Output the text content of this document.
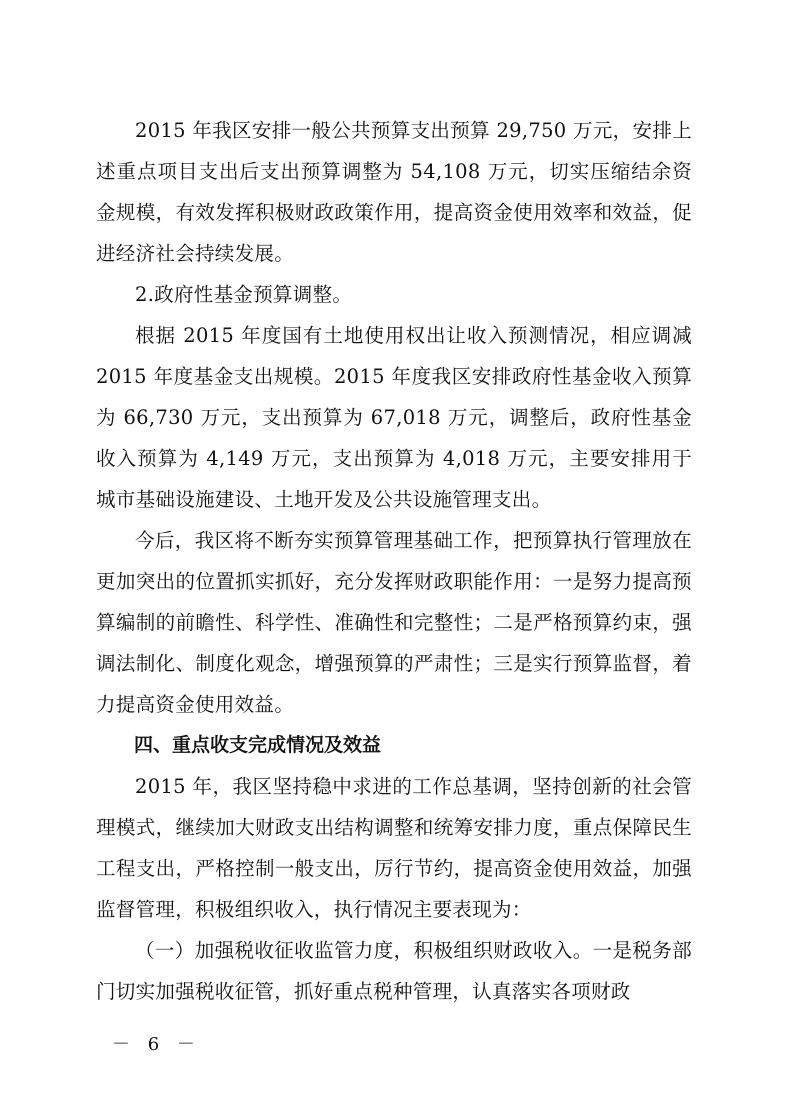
2015 年我区安排一般公共预算支出预算 29,750 万元，安排上述重点项目支出后支出预算调整为 54,108 万元，切实压缩结余资金规模，有效发挥积极财政政策作用，提高资金使用效率和效益，促进经济社会持续发展。

2.政府性基金预算调整。

根据 2015 年度国有土地使用权出让收入预测情况，相应调减 2015 年度基金支出规模。2015 年度我区安排政府性基金收入预算为 66,730 万元，支出预算为 67,018 万元，调整后，政府性基金收入预算为 4,149 万元，支出预算为 4,018 万元，主要安排用于城市基础设施建设、土地开发及公共设施管理支出。

今后，我区将不断夯实预算管理基础工作，把预算执行管理放在更加突出的位置抓实抓好，充分发挥财政职能作用：一是努力提高预算编制的前瞻性、科学性、准确性和完整性；二是严格预算约束，强调法制化、制度化观念，增强预算的严肃性；三是实行预算监督，着力提高资金使用效益。

四、重点收支完成情况及效益

2015 年，我区坚持稳中求进的工作总基调，坚持创新的社会管理模式，继续加大财政支出结构调整和统筹安排力度，重点保障民生工程支出，严格控制一般支出，厉行节约，提高资金使用效益，加强监督管理，积极组织收入，执行情况主要表现为：

（一）加强税收征收监管力度，积极组织财政收入。一是税务部门切实加强税收征管，抓好重点税种管理，认真落实各项财政

－ 6 －
